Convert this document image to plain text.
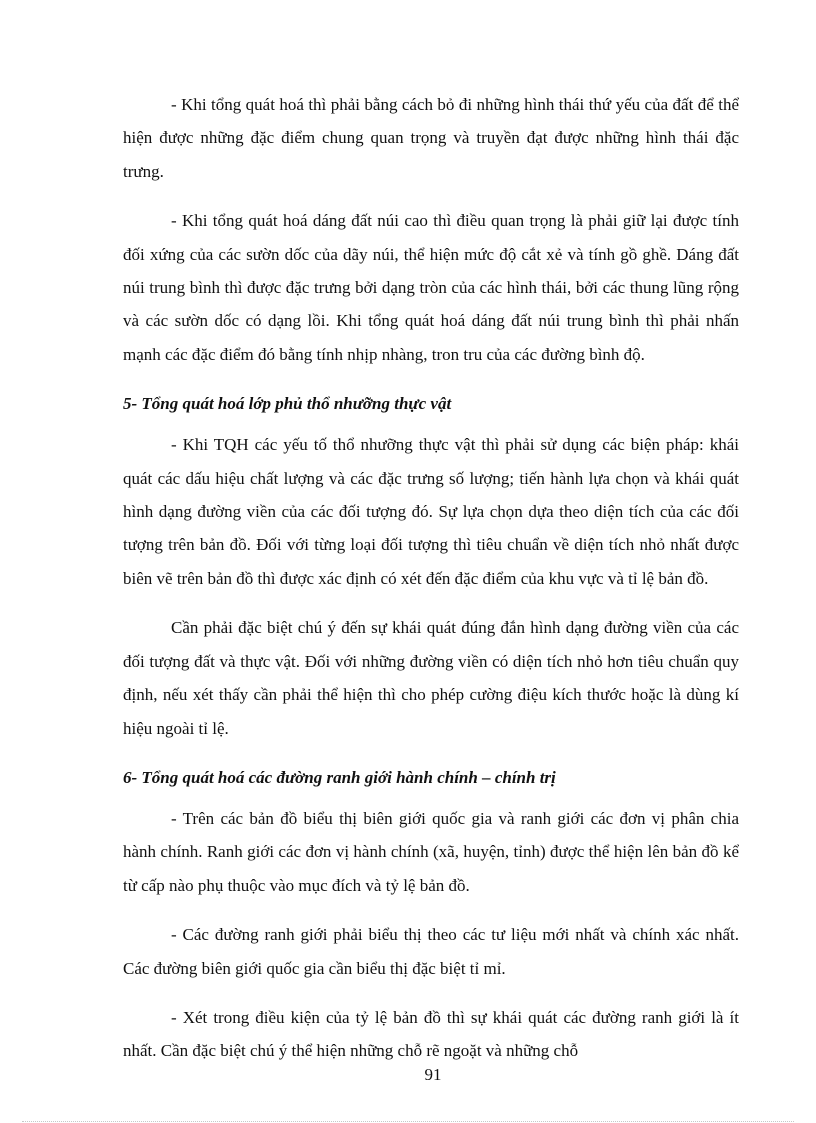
- Khi tổng quát hoá thì phải bằng cách bỏ đi những hình thái thứ yếu của đất để thể hiện được những đặc điểm chung quan trọng và truyền đạt được những hình thái đặc trưng.

- Khi tổng quát hoá dáng đất núi cao thì điều quan trọng là phải giữ lại được tính đối xứng của các sườn dốc của dãy núi, thể hiện mức độ cắt xẻ và tính gồ ghề. Dáng đất núi trung bình thì được đặc trưng bởi dạng tròn của các hình thái, bởi các thung lũng rộng và các sườn dốc có dạng lồi. Khi tổng quát hoá dáng đất núi trung bình thì phải nhấn mạnh các đặc điểm đó bằng tính nhịp nhàng, tron tru của các đường bình độ.

5- Tổng quát hoá lớp phủ thổ nhưỡng thực vật

- Khi TQH các yếu tố thổ nhưỡng thực vật thì phải sử dụng các biện pháp: khái quát các dấu hiệu chất lượng và các đặc trưng số lượng; tiến hành lựa chọn và khái quát hình dạng đường viền của các đối tượng đó. Sự lựa chọn dựa theo diện tích của các đối tượng trên bản đồ. Đối với từng loại đối tượng thì tiêu chuẩn về diện tích nhỏ nhất được biên vẽ trên bản đồ thì được xác định có xét đến đặc điểm của khu vực và tỉ lệ bản đồ.

Cần phải đặc biệt chú ý đến sự khái quát đúng đắn hình dạng đường viền của các đối tượng đất và thực vật. Đối với những đường viền có diện tích nhỏ hơn tiêu chuẩn quy định, nếu xét thấy cần phải thể hiện thì cho phép cường điệu kích thước hoặc là dùng kí hiệu ngoài tỉ lệ.

6- Tổng quát hoá các đường ranh giới hành chính – chính trị

- Trên các bản đồ biểu thị biên giới quốc gia và ranh giới các đơn vị phân chia hành chính. Ranh giới các đơn vị hành chính (xã, huyện, tỉnh) được thể hiện lên bản đồ kể từ cấp nào phụ thuộc vào mục đích và tỷ lệ bản đồ.

- Các đường ranh giới phải biểu thị theo các tư liệu mới nhất và chính xác nhất. Các đường biên giới quốc gia cần biểu thị đặc biệt tỉ mỉ.

- Xét trong điều kiện của tỷ lệ bản đồ thì sự khái quát các đường ranh giới là ít nhất. Cần đặc biệt chú ý thể hiện những chỗ rẽ ngoặt và những chỗ

91
